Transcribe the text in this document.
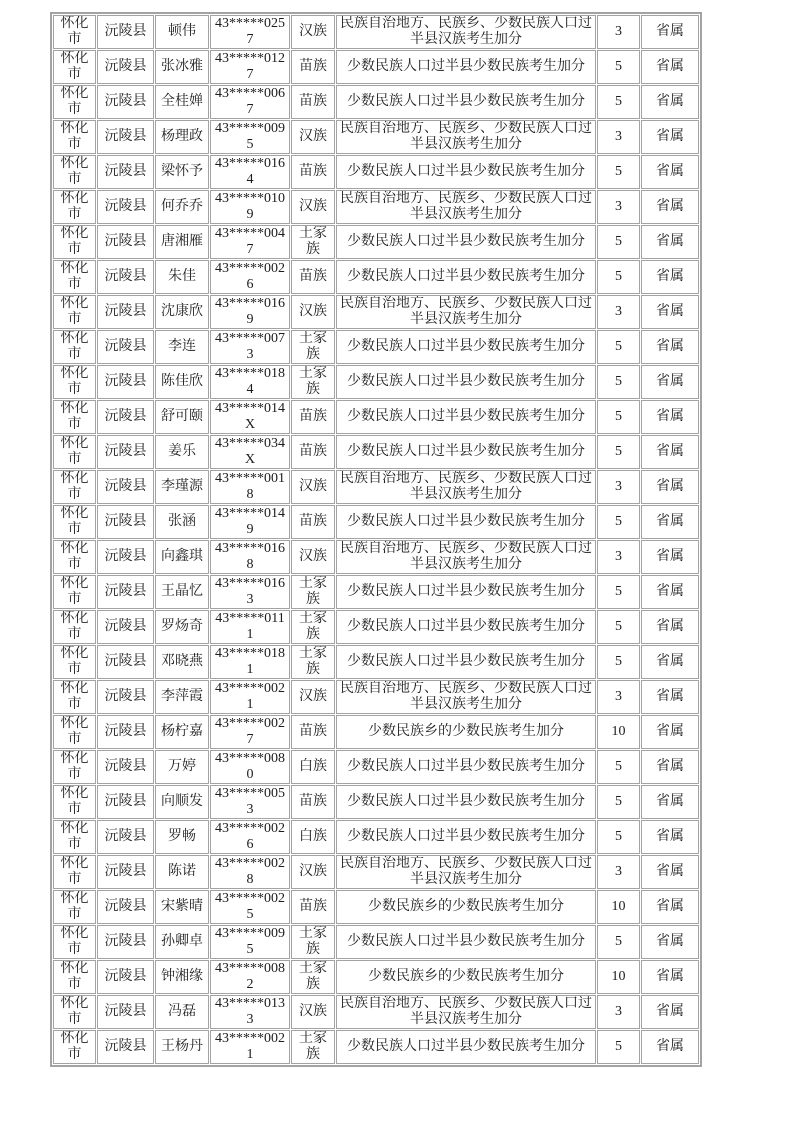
怀化市	沅陵县	顿伟	43*****0257	汉族	民族自治地方、民族乡、少数民族人口过半县汉族考生加分	3	省属
怀化市	沅陵县	张冰雅	43*****0127	苗族	少数民族人口过半县少数民族考生加分	5	省属
怀化市	沅陵县	全桂婵	43*****0067	苗族	少数民族人口过半县少数民族考生加分	5	省属
怀化市	沅陵县	杨理政	43*****0095	汉族	民族自治地方、民族乡、少数民族人口过半县汉族考生加分	3	省属
怀化市	沅陵县	梁怀予	43*****0164	苗族	少数民族人口过半县少数民族考生加分	5	省属
怀化市	沅陵县	何乔乔	43*****0109	汉族	民族自治地方、民族乡、少数民族人口过半县汉族考生加分	3	省属
怀化市	沅陵县	唐湘雁	43*****0047	土家族	少数民族人口过半县少数民族考生加分	5	省属
怀化市	沅陵县	朱佳	43*****0026	苗族	少数民族人口过半县少数民族考生加分	5	省属
怀化市	沅陵县	沈康欣	43*****0169	汉族	民族自治地方、民族乡、少数民族人口过半县汉族考生加分	3	省属
怀化市	沅陵县	李连	43*****0073	土家族	少数民族人口过半县少数民族考生加分	5	省属
怀化市	沅陵县	陈佳欣	43*****0184	土家族	少数民族人口过半县少数民族考生加分	5	省属
怀化市	沅陵县	舒可颐	43*****014X	苗族	少数民族人口过半县少数民族考生加分	5	省属
怀化市	沅陵县	姜乐	43*****034X	苗族	少数民族人口过半县少数民族考生加分	5	省属
怀化市	沅陵县	李瑾源	43*****0018	汉族	民族自治地方、民族乡、少数民族人口过半县汉族考生加分	3	省属
怀化市	沅陵县	张涵	43*****0149	苗族	少数民族人口过半县少数民族考生加分	5	省属
怀化市	沅陵县	向鑫琪	43*****0168	汉族	民族自治地方、民族乡、少数民族人口过半县汉族考生加分	3	省属
怀化市	沅陵县	王晶忆	43*****0163	土家族	少数民族人口过半县少数民族考生加分	5	省属
怀化市	沅陵县	罗炀奇	43*****0111	土家族	少数民族人口过半县少数民族考生加分	5	省属
怀化市	沅陵县	邓晓燕	43*****0181	土家族	少数民族人口过半县少数民族考生加分	5	省属
怀化市	沅陵县	李萍霞	43*****0021	汉族	民族自治地方、民族乡、少数民族人口过半县汉族考生加分	3	省属
怀化市	沅陵县	杨柠嘉	43*****0027	苗族	少数民族乡的少数民族考生加分	10	省属
怀化市	沅陵县	万婷	43*****0080	白族	少数民族人口过半县少数民族考生加分	5	省属
怀化市	沅陵县	向顺发	43*****0053	苗族	少数民族人口过半县少数民族考生加分	5	省属
怀化市	沅陵县	罗畅	43*****0026	白族	少数民族人口过半县少数民族考生加分	5	省属
怀化市	沅陵县	陈诺	43*****0028	汉族	民族自治地方、民族乡、少数民族人口过半县汉族考生加分	3	省属
怀化市	沅陵县	宋紫晴	43*****0025	苗族	少数民族乡的少数民族考生加分	10	省属
怀化市	沅陵县	孙卿卓	43*****0095	土家族	少数民族人口过半县少数民族考生加分	5	省属
怀化市	沅陵县	钟湘缘	43*****0082	土家族	少数民族乡的少数民族考生加分	10	省属
怀化市	沅陵县	冯磊	43*****0133	汉族	民族自治地方、民族乡、少数民族人口过半县汉族考生加分	3	省属
怀化市	沅陵县	王杨丹	43*****0021	土家族	少数民族人口过半县少数民族考生加分	5	省属
